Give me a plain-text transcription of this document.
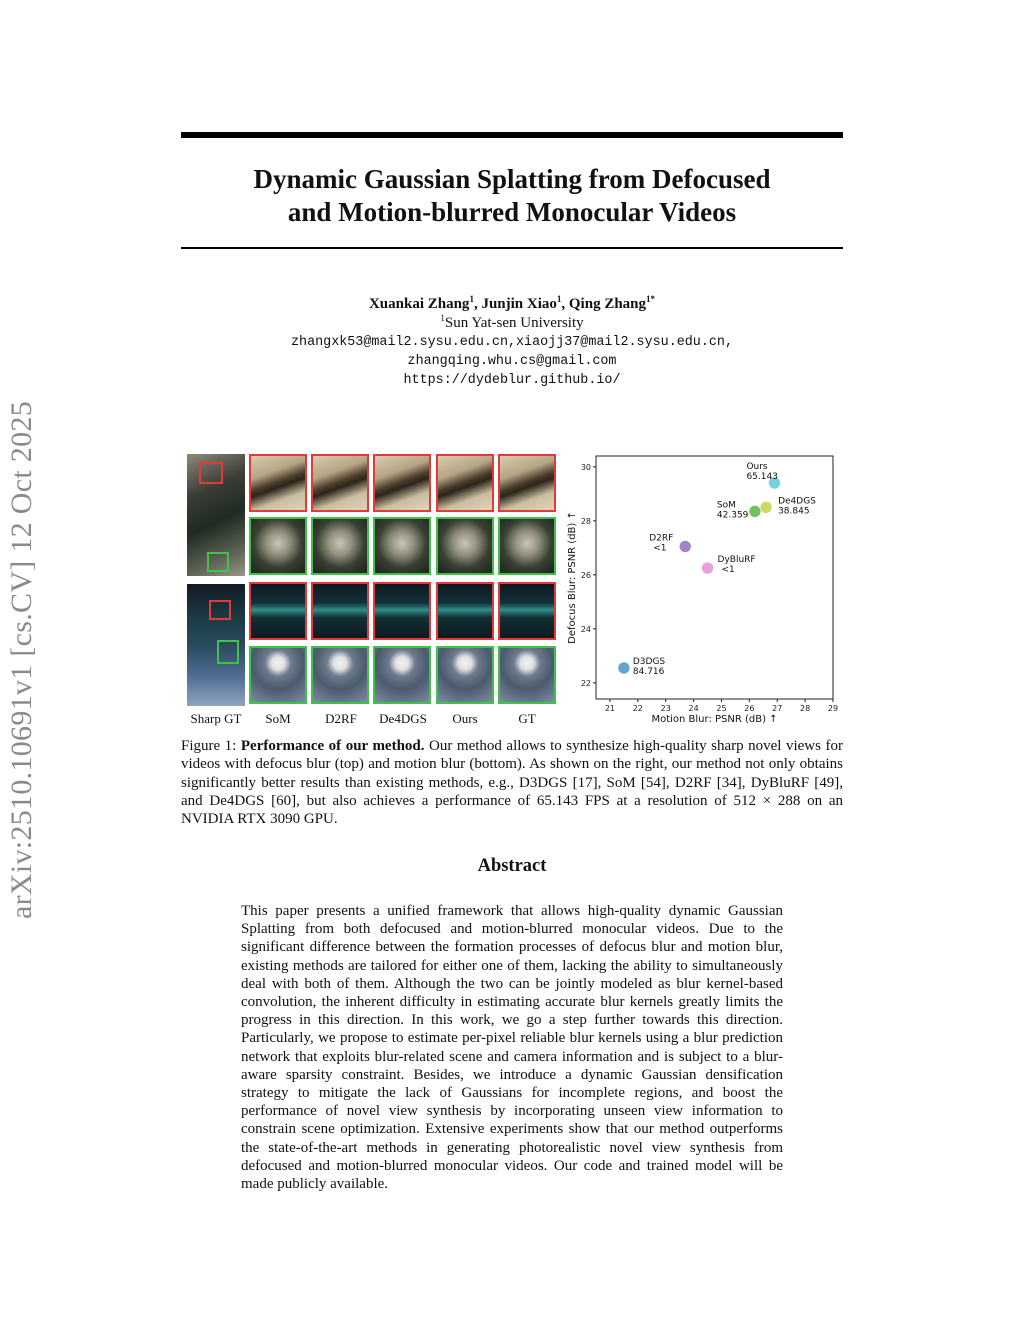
arXiv:2510.10691v1 [cs.CV] 12 Oct 2025
Dynamic Gaussian Splatting from Defocused
and Motion-blurred Monocular Videos
Xuankai Zhang$^1$, Junjin Xiao$^1$, Qing Zhang$^{1*}$
$^1$Sun Yat-sen University
zhangxk53@mail2.sysu.edu.cn,xiaojj37@mail2.sysu.edu.cn,
zhangqing.whu.cs@gmail.com
https://dydeblur.github.io/
Sharp GT	SoM	D2RF	De4DGS	Ours	GT
21 22 23 24 25 26 27 28 29
22
24
26
28
30
Motion Blur: PSNR (dB) ↑
Defocus Blur: PSNR (dB) ↑
Ours
65.143
De4DGS
38.845
SoM
42.359
D2RF
<1
DyBluRF
<1
D3DGS
84.716
Figure 1: Performance of our method. Our method allows to synthesize high-quality sharp novel views for videos with defocus blur (top) and motion blur (bottom). As shown on the right, our method not only obtains significantly better results than existing methods, e.g., D3DGS [17], SoM [54], D2RF [34], DyBluRF [49], and De4DGS [60], but also achieves a performance of 65.143 FPS at a resolution of 512 × 288 on an NVIDIA RTX 3090 GPU.
Abstract
This paper presents a unified framework that allows high-quality dynamic Gaussian Splatting from both defocused and motion-blurred monocular videos. Due to the significant difference between the formation processes of defocus blur and motion blur, existing methods are tailored for either one of them, lacking the ability to simultaneously deal with both of them. Although the two can be jointly modeled as blur kernel-based convolution, the inherent difficulty in estimating accurate blur kernels greatly limits the progress in this direction. In this work, we go a step further towards this direction. Particularly, we propose to estimate per-pixel reliable blur kernels using a blur prediction network that exploits blur-related scene and camera information and is subject to a blur-aware sparsity constraint. Besides, we introduce a dynamic Gaussian densification strategy to mitigate the lack of Gaussians for incomplete regions, and boost the performance of novel view synthesis by incorporating unseen view information to constrain scene optimization. Extensive experiments show that our method outperforms the state-of-the-art methods in generating photorealistic novel view synthesis from defocused and motion-blurred monocular videos. Our code and trained model will be made publicly available.
